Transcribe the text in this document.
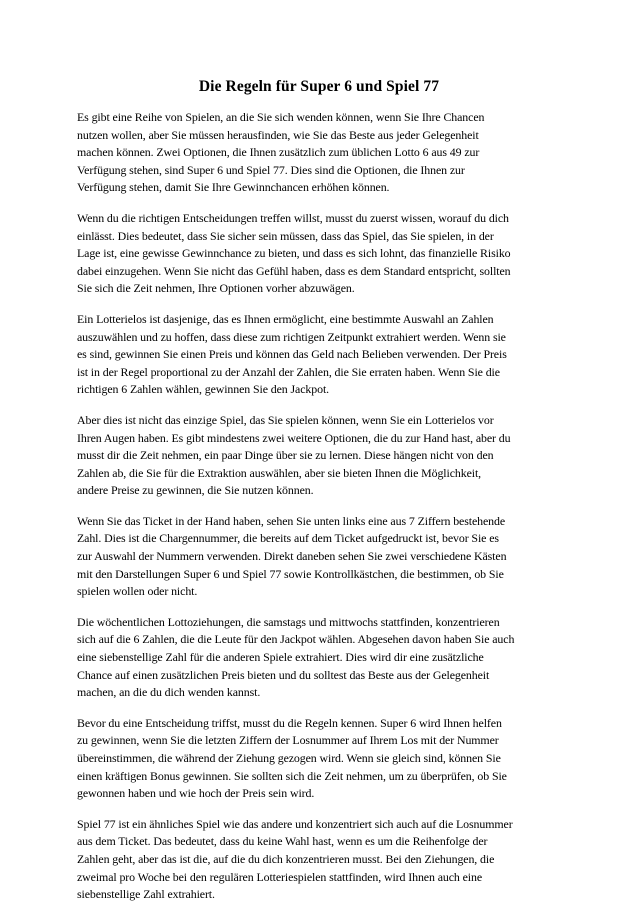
Die Regeln für Super 6 und Spiel 77
Es gibt eine Reihe von Spielen, an die Sie sich wenden können, wenn Sie Ihre Chancen
nutzen wollen, aber Sie müssen herausfinden, wie Sie das Beste aus jeder Gelegenheit
machen können. Zwei Optionen, die Ihnen zusätzlich zum üblichen Lotto 6 aus 49 zur
Verfügung stehen, sind Super 6 und Spiel 77. Dies sind die Optionen, die Ihnen zur
Verfügung stehen, damit Sie Ihre Gewinnchancen erhöhen können.
Wenn du die richtigen Entscheidungen treffen willst, musst du zuerst wissen, worauf du dich
einlässt. Dies bedeutet, dass Sie sicher sein müssen, dass das Spiel, das Sie spielen, in der
Lage ist, eine gewisse Gewinnchance zu bieten, und dass es sich lohnt, das finanzielle Risiko
dabei einzugehen. Wenn Sie nicht das Gefühl haben, dass es dem Standard entspricht, sollten
Sie sich die Zeit nehmen, Ihre Optionen vorher abzuwägen.
Ein Lotterielos ist dasjenige, das es Ihnen ermöglicht, eine bestimmte Auswahl an Zahlen
auszuwählen und zu hoffen, dass diese zum richtigen Zeitpunkt extrahiert werden. Wenn sie
es sind, gewinnen Sie einen Preis und können das Geld nach Belieben verwenden. Der Preis
ist in der Regel proportional zu der Anzahl der Zahlen, die Sie erraten haben. Wenn Sie die
richtigen 6 Zahlen wählen, gewinnen Sie den Jackpot.
Aber dies ist nicht das einzige Spiel, das Sie spielen können, wenn Sie ein Lotterielos vor
Ihren Augen haben. Es gibt mindestens zwei weitere Optionen, die du zur Hand hast, aber du
musst dir die Zeit nehmen, ein paar Dinge über sie zu lernen. Diese hängen nicht von den
Zahlen ab, die Sie für die Extraktion auswählen, aber sie bieten Ihnen die Möglichkeit,
andere Preise zu gewinnen, die Sie nutzen können.
Wenn Sie das Ticket in der Hand haben, sehen Sie unten links eine aus 7 Ziffern bestehende
Zahl. Dies ist die Chargennummer, die bereits auf dem Ticket aufgedruckt ist, bevor Sie es
zur Auswahl der Nummern verwenden. Direkt daneben sehen Sie zwei verschiedene Kästen
mit den Darstellungen Super 6 und Spiel 77 sowie Kontrollkästchen, die bestimmen, ob Sie
spielen wollen oder nicht.
Die wöchentlichen Lottoziehungen, die samstags und mittwochs stattfinden, konzentrieren
sich auf die 6 Zahlen, die die Leute für den Jackpot wählen. Abgesehen davon haben Sie auch
eine siebenstellige Zahl für die anderen Spiele extrahiert. Dies wird dir eine zusätzliche
Chance auf einen zusätzlichen Preis bieten und du solltest das Beste aus der Gelegenheit
machen, an die du dich wenden kannst.
Bevor du eine Entscheidung triffst, musst du die Regeln kennen. Super 6 wird Ihnen helfen
zu gewinnen, wenn Sie die letzten Ziffern der Losnummer auf Ihrem Los mit der Nummer
übereinstimmen, die während der Ziehung gezogen wird. Wenn sie gleich sind, können Sie
einen kräftigen Bonus gewinnen. Sie sollten sich die Zeit nehmen, um zu überprüfen, ob Sie
gewonnen haben und wie hoch der Preis sein wird.
Spiel 77 ist ein ähnliches Spiel wie das andere und konzentriert sich auch auf die Losnummer
aus dem Ticket. Das bedeutet, dass du keine Wahl hast, wenn es um die Reihenfolge der
Zahlen geht, aber das ist die, auf die du dich konzentrieren musst. Bei den Ziehungen, die
zweimal pro Woche bei den regulären Lotteriespielen stattfinden, wird Ihnen auch eine
siebenstellige Zahl extrahiert.
